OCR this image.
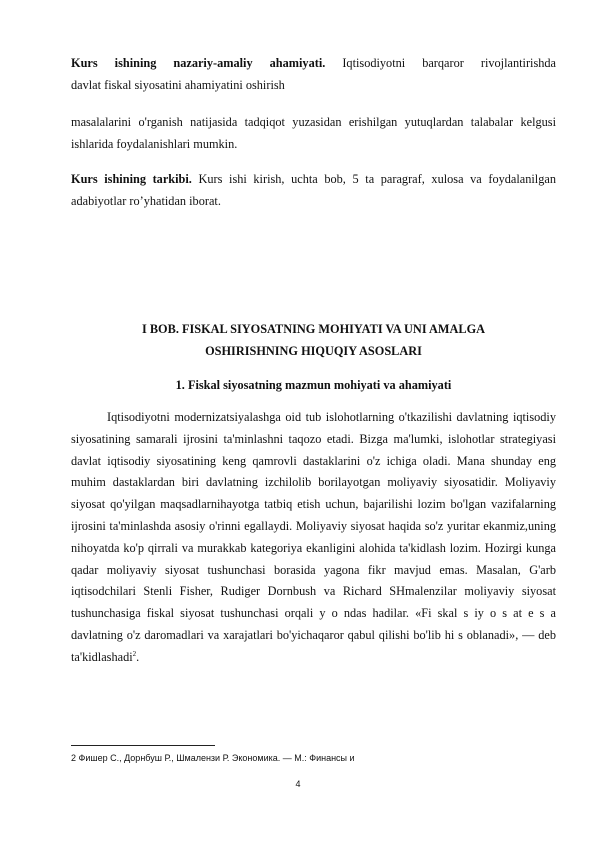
Kurs ishining nazariy-amaliy ahamiyati. Iqtisodiyotni barqaror rivojlantirishda
davlat fiskal siyosatini ahamiyatini oshirish

masalalarini o'rganish natijasida tadqiqot yuzasidan erishilgan yutuqlardan talabalar kelgusi ishlarida foydalanishlari mumkin.

Kurs ishining tarkibi. Kurs ishi kirish, uchta bob, 5 ta paragraf, xulosa va foydalanilgan adabiyotlar ro’yhatidan iborat.

I BOB. FISKAL SIYOSATNING MOHIYATI VA UNI AMALGA
OSHIRISHNING HIQUQIY ASOSLARI
1. Fiskal siyosatning mazmun mohiyati va ahamiyati

Iqtisodiyotni modernizatsiyalashga oid tub islohotlarning o'tkazilishi davlatning iqtisodiy siyosatining samarali ijrosini ta'minlashni taqozo etadi. Bizga ma'lumki, islohotlar strategiyasi davlat iqtisodiy siyosatining keng qamrovli dastaklarini o'z ichiga oladi. Mana shunday eng muhim dastaklardan biri davlatning izchilolib borilayotgan moliyaviy siyosatidir. Moliyaviy siyosat qo'yilgan maqsadlarnihayotga tatbiq etish uchun, bajarilishi lozim bo'lgan vazifalarning ijrosini ta'minlashda asosiy o'rinni egallaydi. Moliyaviy siyosat haqida so'z yuritar ekanmiz,uning nihoyatda ko'p qirrali va murakkab kategoriya ekanligini alohida ta'kidlash lozim. Hozirgi kunga qadar moliyaviy siyosat tushunchasi borasida yagona fikr mavjud emas. Masalan, G'arb iqtisodchilari Stenli Fisher, Rudiger Dornbush va Richard SHmalenzilar moliyaviy siyosat tushunchasiga fiskal siyosat tushunchasi orqali y o ndas hadilar. «Fi skal s iy o s at e s a davlatning o'z daromadlari va xarajatlari bo'yichaqaror qabul qilishi bo'lib hi s oblanadi», — deb ta'kidlashadi$^2$.

2 Фишер С., Дорнбуш Р., Шмалензи Р. Экономика. — М.: Финансы и
4
